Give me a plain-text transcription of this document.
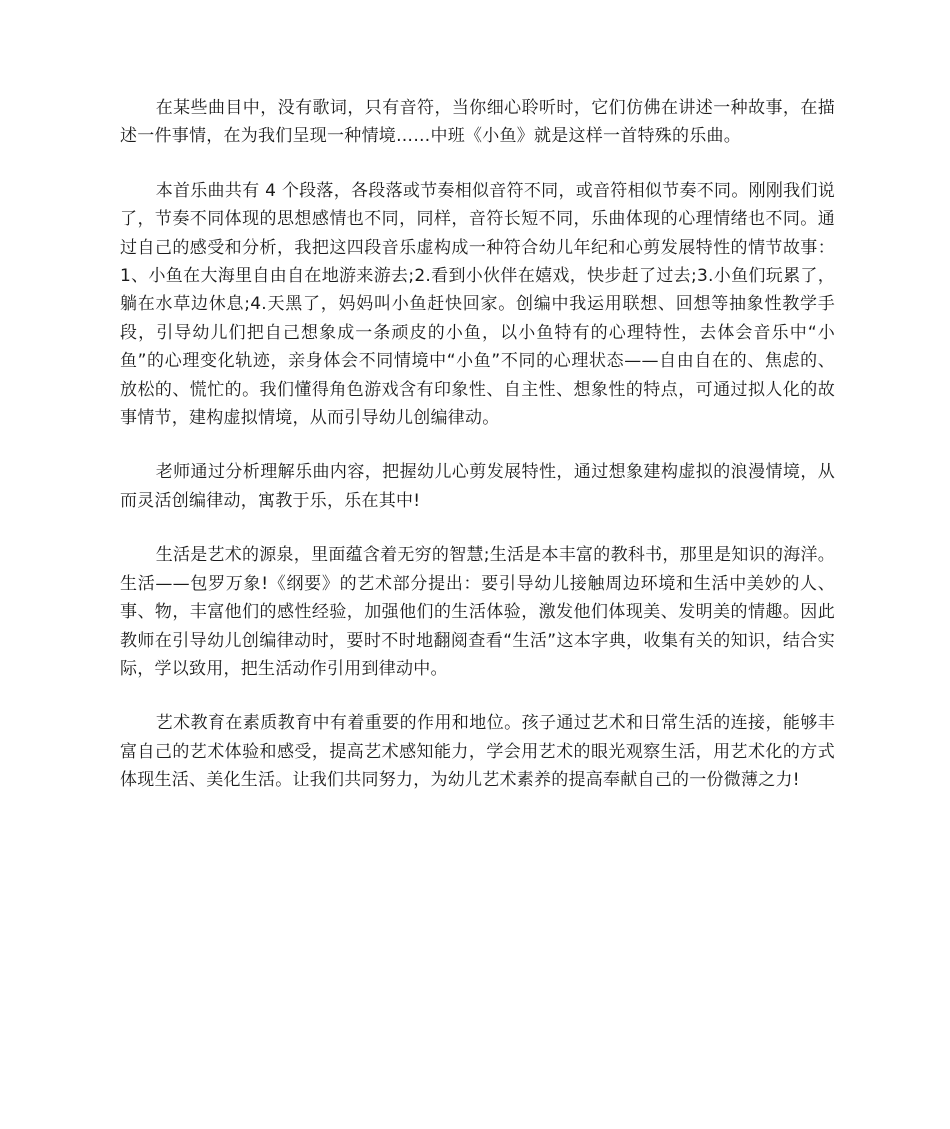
在某些曲目中，没有歌词，只有音符，当你细心聆听时，它们仿佛在讲述一种故事，在描述一件事情，在为我们呈现一种情境……中班《小鱼》就是这样一首特殊的乐曲。

本首乐曲共有 4 个段落，各段落或节奏相似音符不同，或音符相似节奏不同。刚刚我们说了，节奏不同体现的思想感情也不同，同样，音符长短不同，乐曲体现的心理情绪也不同。通过自己的感受和分析，我把这四段音乐虚构成一种符合幼儿年纪和心剪发展特性的情节故事：1、小鱼在大海里自由自在地游来游去;2.看到小伙伴在嬉戏，快步赶了过去;3.小鱼们玩累了，躺在水草边休息;4.天黑了，妈妈叫小鱼赶快回家。创编中我运用联想、回想等抽象性教学手段，引导幼儿们把自己想象成一条顽皮的小鱼，以小鱼特有的心理特性，去体会音乐中“小鱼”的心理变化轨迹，亲身体会不同情境中“小鱼”不同的心理状态——自由自在的、焦虑的、放松的、慌忙的。我们懂得角色游戏含有印象性、自主性、想象性的特点，可通过拟人化的故事情节，建构虚拟情境，从而引导幼儿创编律动。

老师通过分析理解乐曲内容，把握幼儿心剪发展特性，通过想象建构虚拟的浪漫情境，从而灵活创编律动，寓教于乐，乐在其中!

生活是艺术的源泉，里面蕴含着无穷的智慧;生活是本丰富的教科书，那里是知识的海洋。生活——包罗万象!《纲要》的艺术部分提出：要引导幼儿接触周边环境和生活中美妙的人、事、物，丰富他们的感性经验，加强他们的生活体验，激发他们体现美、发明美的情趣。因此教师在引导幼儿创编律动时，要时不时地翻阅查看“生活”这本字典，收集有关的知识，结合实际，学以致用，把生活动作引用到律动中。

艺术教育在素质教育中有着重要的作用和地位。孩子通过艺术和日常生活的连接，能够丰富自己的艺术体验和感受，提高艺术感知能力，学会用艺术的眼光观察生活，用艺术化的方式体现生活、美化生活。让我们共同努力，为幼儿艺术素养的提高奉献自己的一份微薄之力!
